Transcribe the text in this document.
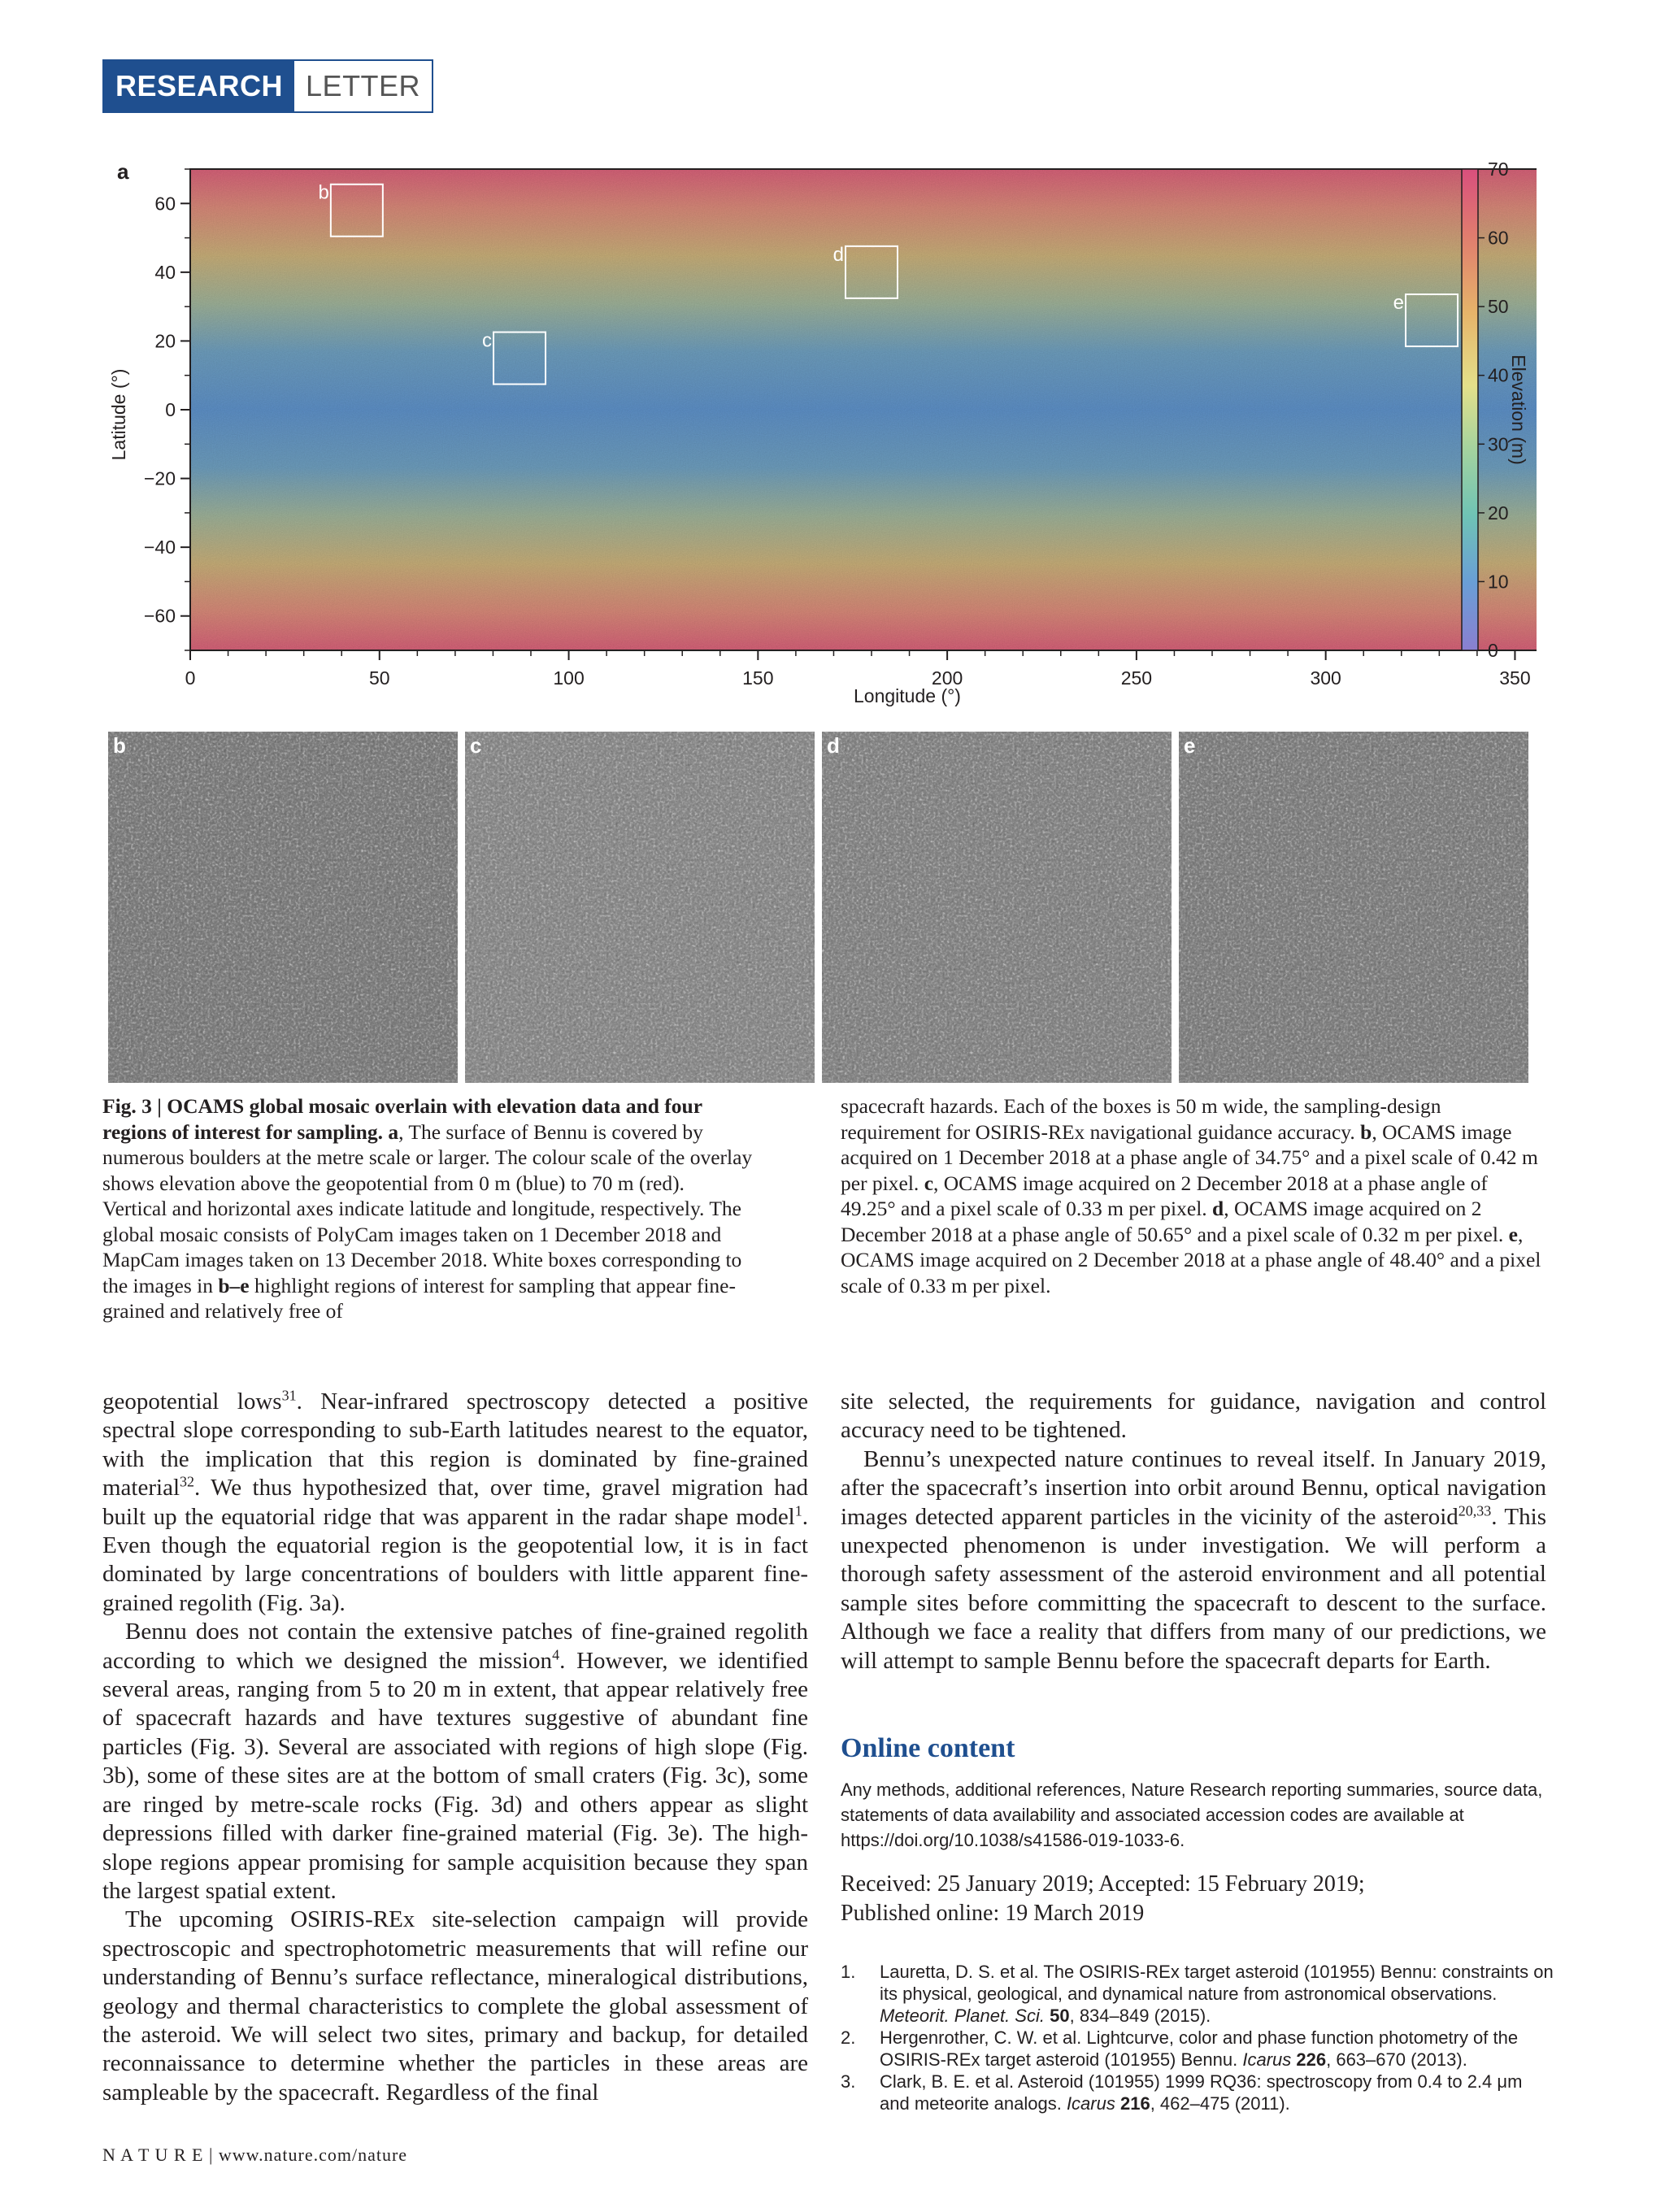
RESEARCH LETTER
60
40
20
0
−20
−40
−60
0	50	100	150	200	250	300	350
b
d
e
c
70
60
50
40
30
20
10
0
a
Latitude (°)
Longitude (°)
Elevation (m)
b	c	d	e
Fig. 3 | OCAMS global mosaic overlain with elevation data and four regions of interest for sampling. a, The surface of Bennu is covered by numerous boulders at the metre scale or larger. The colour scale of the overlay shows elevation above the geopotential from 0 m (blue) to 70 m (red). Vertical and horizontal axes indicate latitude and longitude, respectively. The global mosaic consists of PolyCam images taken on 1 December 2018 and MapCam images taken on 13 December 2018. White boxes corresponding to the images in b–e highlight regions of interest for sampling that appear fine-grained and relatively free of
spacecraft hazards. Each of the boxes is 50 m wide, the sampling-design requirement for OSIRIS-REx navigational guidance accuracy. b, OCAMS image acquired on 1 December 2018 at a phase angle of 34.75° and a pixel scale of 0.42 m per pixel. c, OCAMS image acquired on 2 December 2018 at a phase angle of 49.25° and a pixel scale of 0.33 m per pixel. d, OCAMS image acquired on 2 December 2018 at a phase angle of 50.65° and a pixel scale of 0.32 m per pixel. e, OCAMS image acquired on 2 December 2018 at a phase angle of 48.40° and a pixel scale of 0.33 m per pixel.

geopotential lows$^{31}$. Near-infrared spectroscopy detected a positive spectral slope corresponding to sub-Earth latitudes nearest to the equator, with the implication that this region is dominated by fine-grained material$^{32}$. We thus hypothesized that, over time, gravel migration had built up the equatorial ridge that was apparent in the radar shape model$^1$. Even though the equatorial region is the geopotential low, it is in fact dominated by large concentrations of boulders with little apparent fine-grained regolith (Fig. 3a).

Bennu does not contain the extensive patches of fine-grained regolith according to which we designed the mission$^4$. However, we identified several areas, ranging from 5 to 20 m in extent, that appear relatively free of spacecraft hazards and have textures suggestive of abundant fine particles (Fig. 3). Several are associated with regions of high slope (Fig. 3b), some of these sites are at the bottom of small craters (Fig. 3c), some are ringed by metre-scale rocks (Fig. 3d) and others appear as slight depressions filled with darker fine-grained material (Fig. 3e). The high-slope regions appear promising for sample acquisition because they span the largest spatial extent.

The upcoming OSIRIS-REx site-selection campaign will provide spectroscopic and spectrophotometric measurements that will refine our understanding of Bennu’s surface reflectance, mineralogical distributions, geology and thermal characteristics to complete the global assessment of the asteroid. We will select two sites, primary and backup, for detailed reconnaissance to determine whether the particles in these areas are sampleable by the spacecraft. Regardless of the final

site selected, the requirements for guidance, navigation and control accuracy need to be tightened.

Bennu’s unexpected nature continues to reveal itself. In January 2019, after the spacecraft’s insertion into orbit around Bennu, optical navigation images detected apparent particles in the vicinity of the asteroid$^{20,33}$. This unexpected phenomenon is under investigation. We will perform a thorough safety assessment of the asteroid environment and all potential sample sites before committing the spacecraft to descent to the surface. Although we face a reality that differs from many of our predictions, we will attempt to sample Bennu before the spacecraft departs for Earth.

Online content
Any methods, additional references, Nature Research reporting summaries, source data, statements of data availability and associated accession codes are available at https://doi.org/10.1038/s41586-019-1033-6.
Received: 25 January 2019; Accepted: 15 February 2019;
Published online: 19 March 2019
1.	Lauretta, D. S. et al. The OSIRIS-REx target asteroid (101955) Bennu: constraints on its physical, geological, and dynamical nature from astronomical observations. Meteorit. Planet. Sci. 50, 834–849 (2015).
2.	Hergenrother, C. W. et al. Lightcurve, color and phase function photometry of the OSIRIS-REx target asteroid (101955) Bennu. Icarus 226, 663–670 (2013).
3.	Clark, B. E. et al. Asteroid (101955) 1999 RQ36: spectroscopy from 0.4 to 2.4 μm and meteorite analogs. Icarus 216, 462–475 (2011).
N A T U R E | www.nature.com/nature
